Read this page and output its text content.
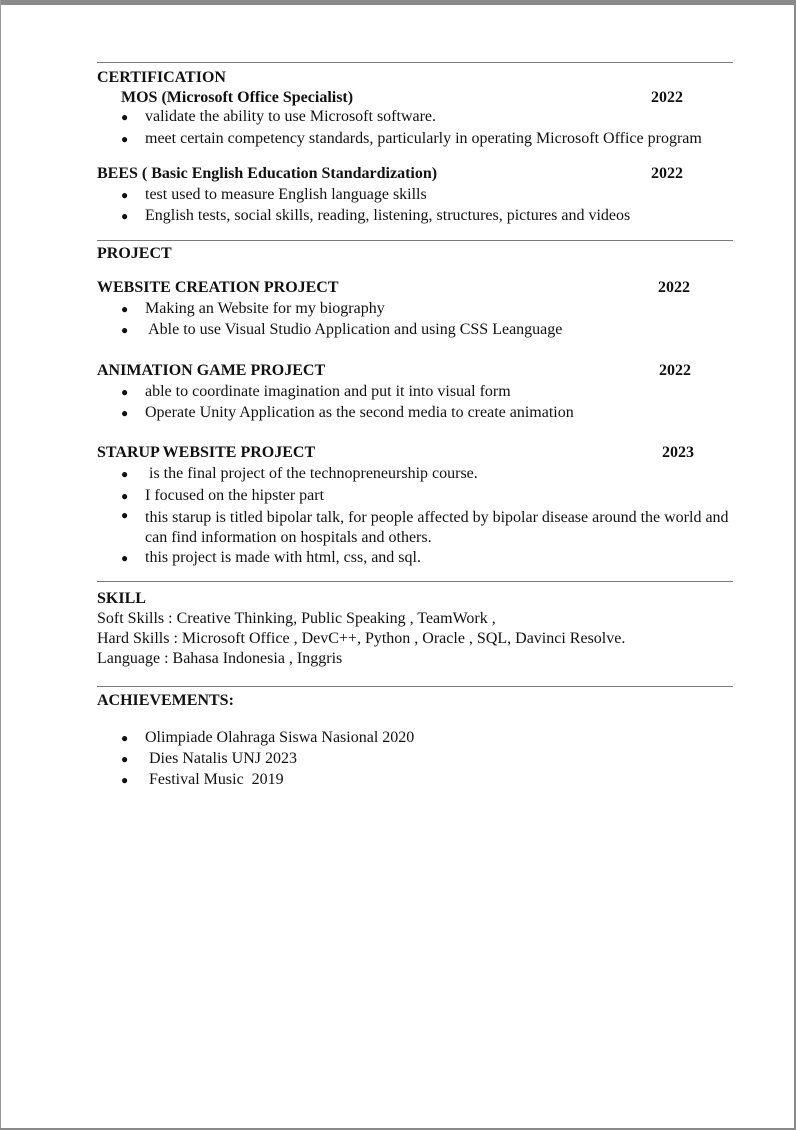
CERTIFICATION
MOS (Microsoft Office Specialist)	2022
● validate the ability to use Microsoft software.
● meet certain competency standards, particularly in operating Microsoft Office program
BEES ( Basic English Education Standardization)	2022
● test used to measure English language skills
● English tests, social skills, reading, listening, structures, pictures and videos
PROJECT
WEBSITE CREATION PROJECT	2022
● Making an Website for my biography
● Able to use Visual Studio Application and using CSS Leanguage
ANIMATION GAME PROJECT	2022
● able to coordinate imagination and put it into visual form
● Operate Unity Application as the second media to create animation
STARUP WEBSITE PROJECT	2023
● is the final project of the technopreneurship course.
● I focused on the hipster part
●	this starup is titled bipolar talk, for people affected by bipolar disease around the world and can find information on hospitals and others.
● this project is made with html, css, and sql.
SKILL
Soft Skills : Creative Thinking, Public Speaking , TeamWork ,
Hard Skills : Microsoft Office , DevC++, Python , Oracle , SQL, Davinci Resolve.
Language : Bahasa Indonesia , Inggris
ACHIEVEMENTS:
● Olimpiade Olahraga Siswa Nasional 2020
● Dies Natalis UNJ 2023
● Festival Music  2019
